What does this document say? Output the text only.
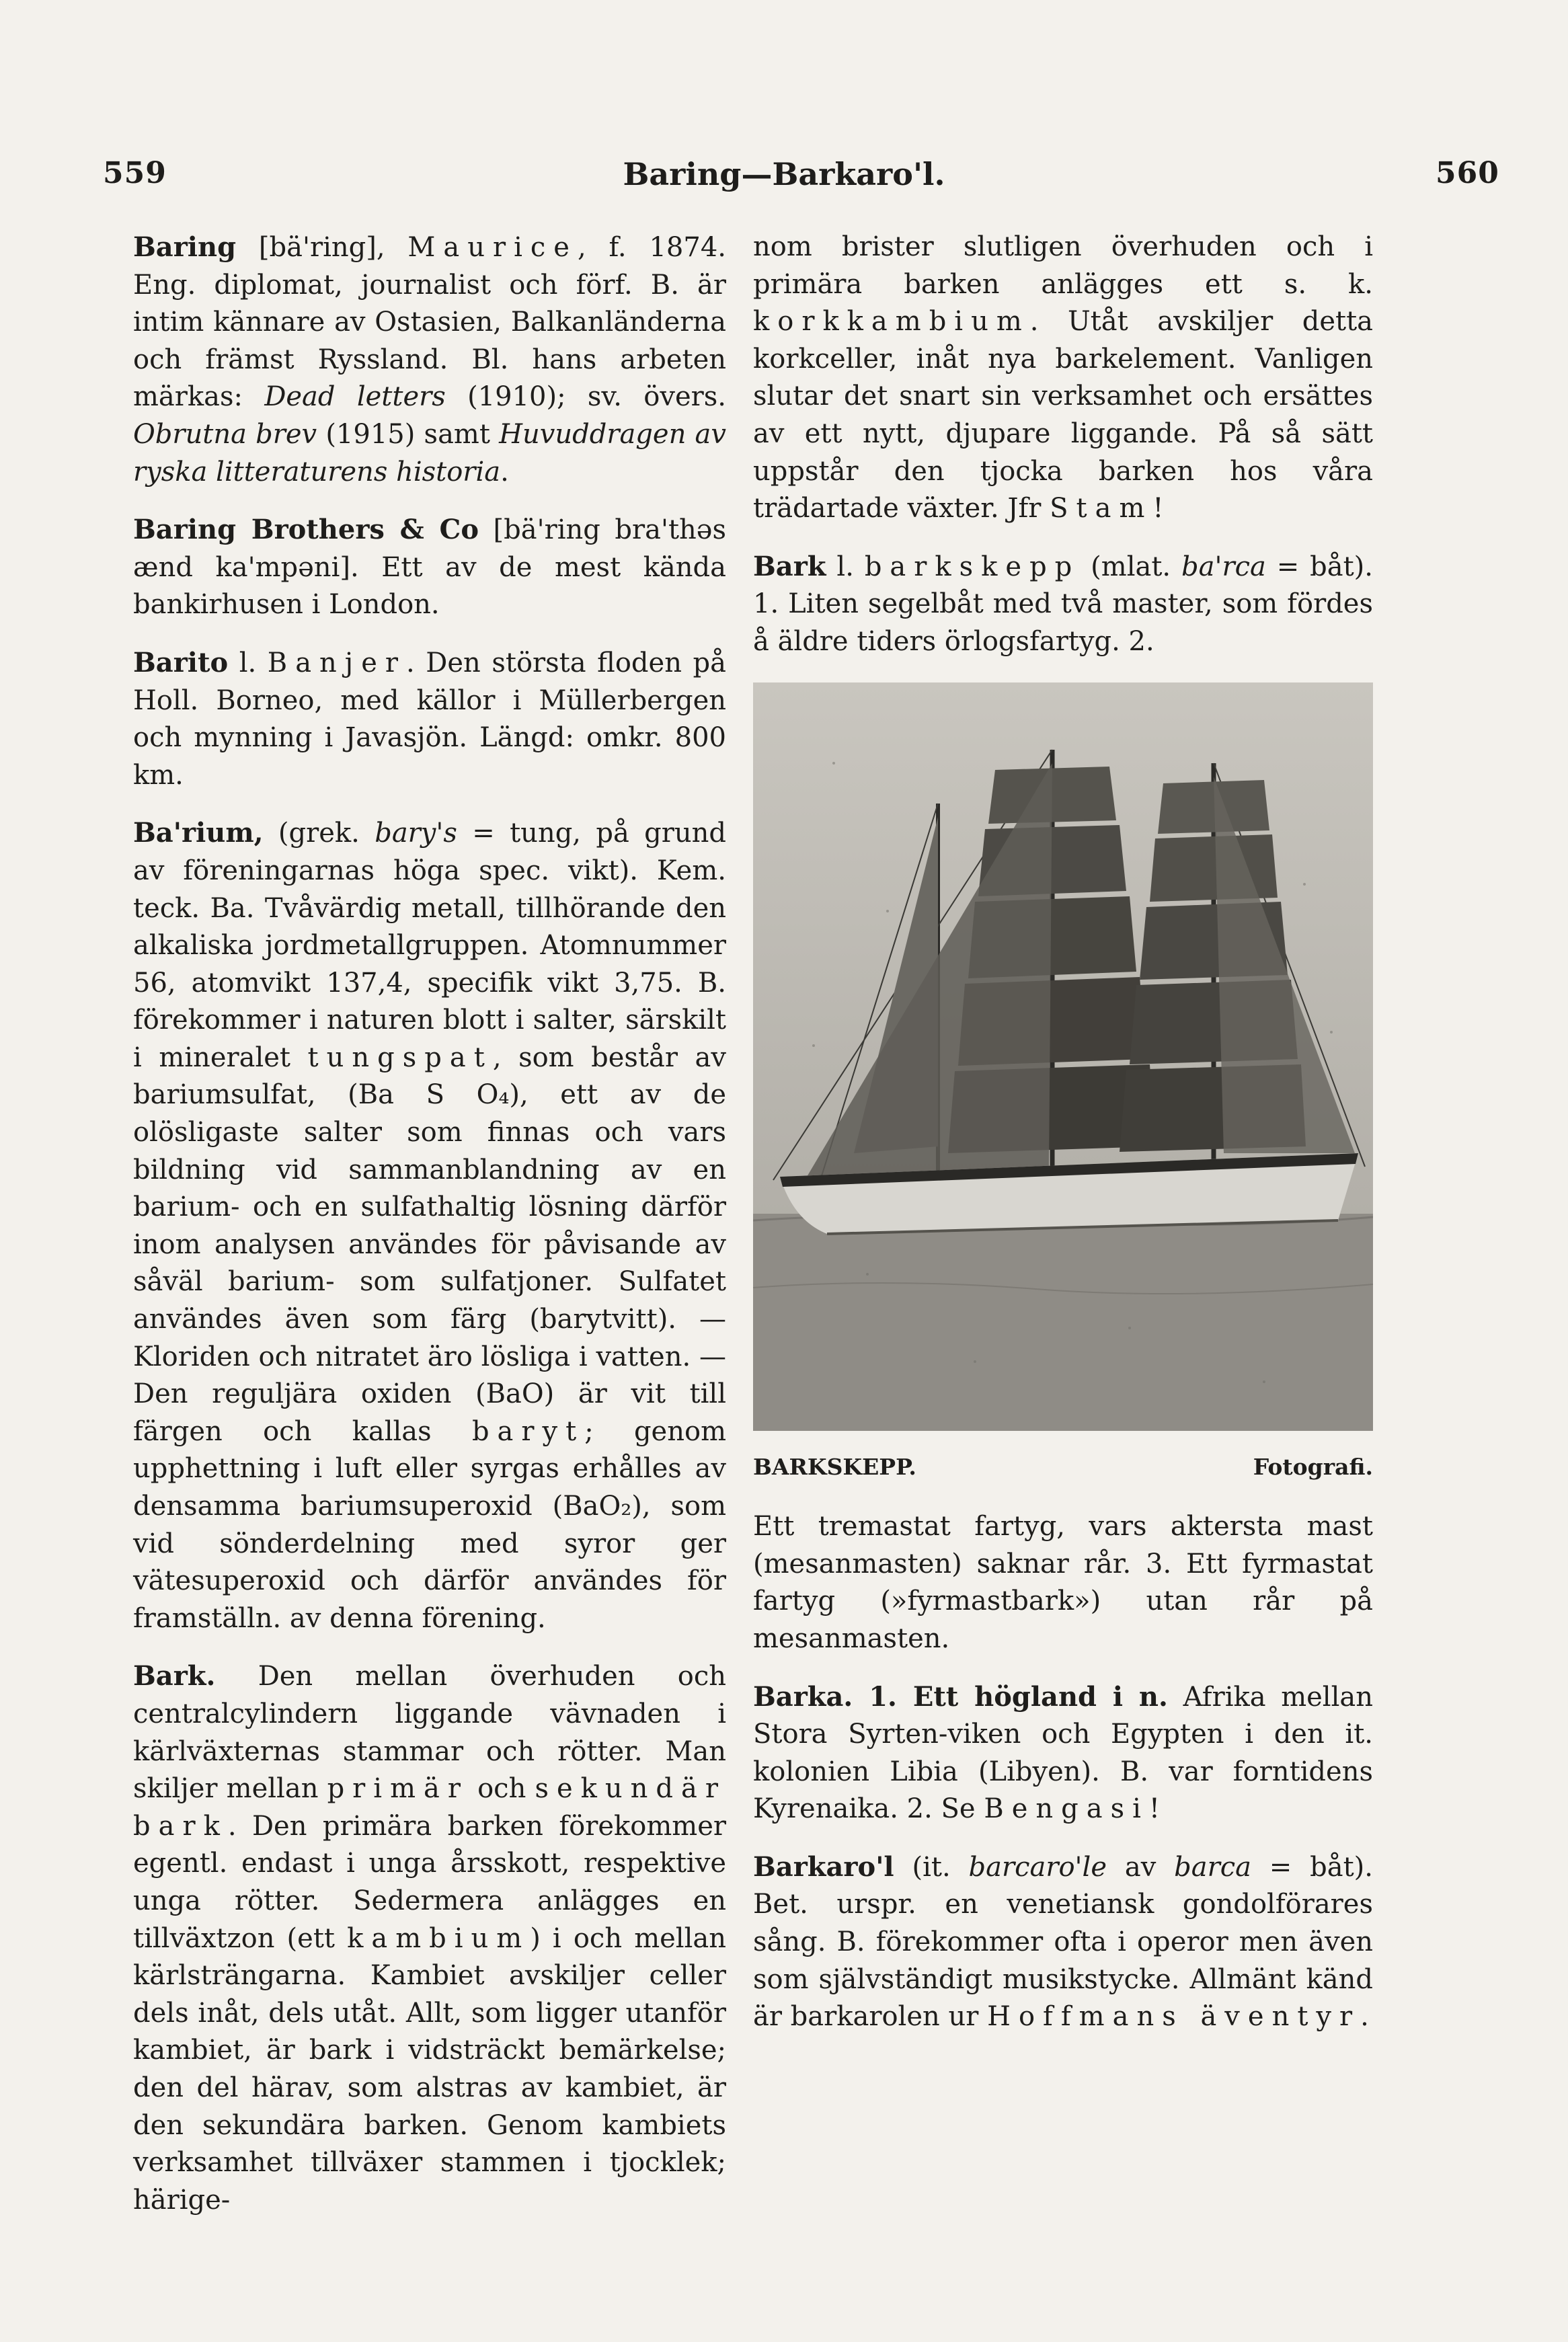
559	Baring—Barkaro'l.	560

Baring [bä'ring], Maurice, f. 1874. Eng. diplomat, journalist och förf. B. är intim kännare av Ostasien, Balkanländerna och främst Ryssland. Bl. hans arbeten märkas: Dead letters (1910); sv. övers. Obrutna brev (1915) samt Huvuddragen av ryska litteraturens historia.

Baring Brothers & Co [bä'ring bra'thəs ænd ka'mpəni]. Ett av de mest kända bankirhusen i London.

Barito l. Banjer. Den största floden på Holl. Borneo, med källor i Müllerbergen och mynning i Javasjön. Längd: omkr. 800 km.

Ba'rium, (grek. bary's = tung, på grund av föreningarnas höga spec. vikt). Kem. teck. Ba. Tvåvärdig metall, tillhörande den alkaliska jordmetallgruppen. Atomnummer 56, atomvikt 137,4, specifik vikt 3,75. B. förekommer i naturen blott i salter, särskilt i mineralet tungspat, som består av bariumsulfat, (Ba S O₄), ett av de olösligaste salter som finnas och vars bildning vid sammanblandning av en barium- och en sulfathaltig lösning därför inom analysen användes för påvisande av såväl barium- som sulfatjoner. Sulfatet användes även som färg (barytvitt). — Kloriden och nitratet äro lösliga i vatten. — Den reguljära oxiden (BaO) är vit till färgen och kallas baryt; genom upphettning i luft eller syrgas erhålles av densamma bariumsuperoxid (BaO₂), som vid sönderdelning med syror ger vätesuperoxid och därför användes för framställn. av denna förening.

Bark. Den mellan överhuden och centralcylindern liggande vävnaden i kärlväxternas stammar och rötter. Man skiljer mellan primär och sekundär bark. Den primära barken förekommer egentl. endast i unga årsskott, respektive unga rötter. Sedermera anlägges en tillväxtzon (ett kambium) i och mellan kärlsträngarna. Kambiet avskiljer celler dels inåt, dels utåt. Allt, som ligger utanför kambiet, är bark i vidsträckt bemärkelse; den del härav, som alstras av kambiet, är den sekundära barken. Genom kambiets verksamhet tillväxer stammen i tjocklek; härige-

nom brister slutligen överhuden och i primära barken anlägges ett s. k. korkkambium. Utåt avskiljer detta korkceller, inåt nya barkelement. Vanligen slutar det snart sin verksamhet och ersättes av ett nytt, djupare liggande. På så sätt uppstår den tjocka barken hos våra trädartade växter. Jfr Stam!

Bark l. barkskepp (mlat. ba'rca = båt). 1. Liten segelbåt med två master, som fördes å äldre tiders örlogsfartyg. 2.

BARKSKEPP.	Fotografi.

Ett tremastat fartyg, vars aktersta mast (mesanmasten) saknar rår. 3. Ett fyrmastat fartyg (»fyrmastbark») utan rår på mesanmasten.

Barka. 1. Ett högland i n. Afrika mellan Stora Syrten-viken och Egypten i den it. kolonien Libia (Libyen). B. var forntidens Kyrenaika. 2. Se Bengasi!

Barkaro'l (it. barcaro'le av barca = båt). Bet. urspr. en venetiansk gondolförares sång. B. förekommer ofta i operor men även som självständigt musikstycke. Allmänt känd är barkarolen ur Hoffmans äventyr.
